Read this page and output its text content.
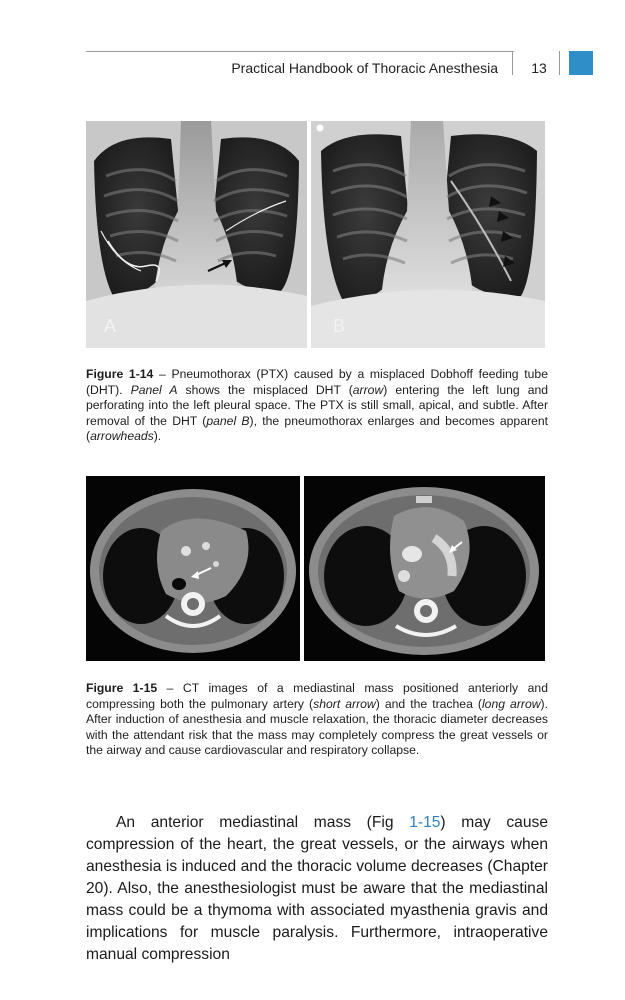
Practical Handbook of Thoracic Anesthesia	13
A	B
Figure 1-14 – Pneumothorax (PTX) caused by a misplaced Dobhoff feeding tube (DHT). Panel A shows the misplaced DHT (arrow) entering the left lung and perforating into the left pleural space. The PTX is still small, apical, and subtle. After removal of the DHT (panel B), the pneumothorax enlarges and becomes apparent (arrowheads).
Figure 1-15 – CT images of a mediastinal mass positioned anteriorly and compressing both the pulmonary artery (short arrow) and the trachea (long arrow). After induction of anesthesia and muscle relaxation, the thoracic diameter decreases with the attendant risk that the mass may completely compress the great vessels or the airway and cause cardiovascular and respiratory collapse.
An anterior mediastinal mass (Fig 1-15) may cause compression of the heart, the great vessels, or the airways when anesthesia is induced and the thoracic volume decreases (Chapter 20). Also, the anesthesiologist must be aware that the mediastinal mass could be a thymoma with associated myasthenia gravis and implications for muscle paralysis. Furthermore, intraoperative manual compression
